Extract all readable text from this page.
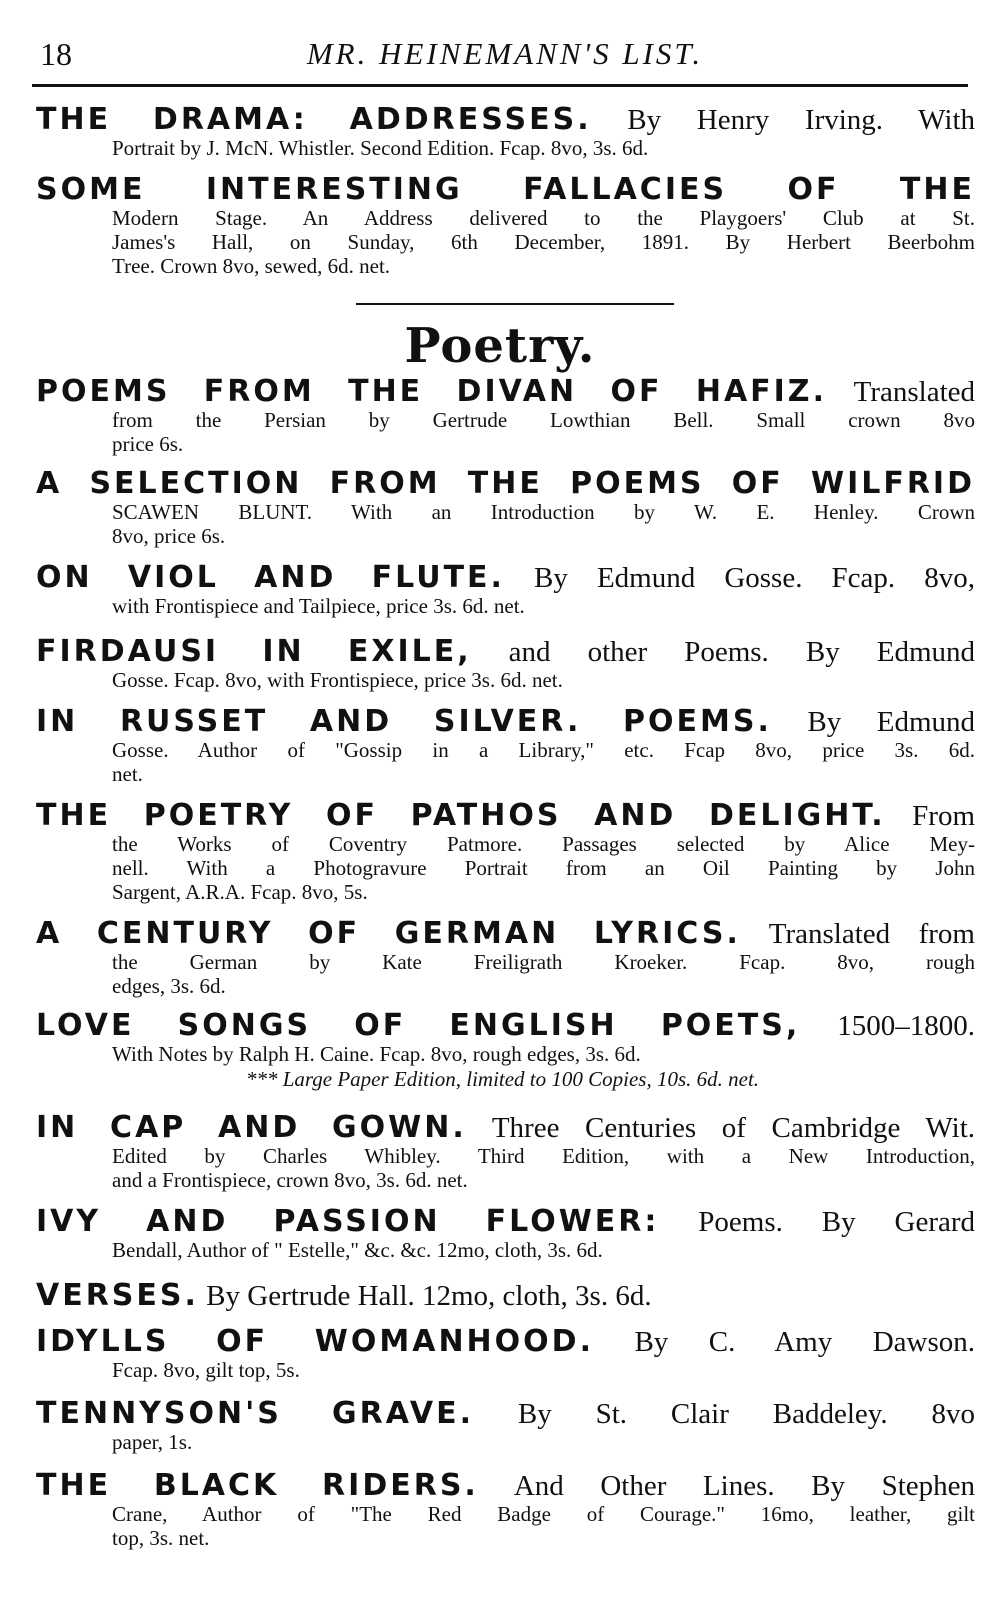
18	MR. HEINEMANN'S LIST.
THE DRAMA: ADDRESSES. By Henry Irving. With
Portrait by J. McN. Whistler. Second Edition. Fcap. 8vo, 3s. 6d.
SOME INTERESTING FALLACIES OF THE
Modern Stage. An Address delivered to the Playgoers' Club at St.
James's Hall, on Sunday, 6th December, 1891. By Herbert Beerbohm
Tree. Crown 8vo, sewed, 6d. net.
Poetry.
POEMS FROM THE DIVAN OF HAFIZ. Translated
from the Persian by Gertrude Lowthian Bell. Small crown 8vo
price 6s.
A SELECTION FROM THE POEMS OF WILFRID
SCAWEN BLUNT. With an Introduction by W. E. Henley. Crown
8vo, price 6s.
ON VIOL AND FLUTE. By Edmund Gosse. Fcap. 8vo,
with Frontispiece and Tailpiece, price 3s. 6d. net.
FIRDAUSI IN EXILE, and other Poems. By Edmund
Gosse. Fcap. 8vo, with Frontispiece, price 3s. 6d. net.
IN RUSSET AND SILVER. POEMS. By Edmund
Gosse. Author of "Gossip in a Library," etc. Fcap 8vo, price 3s. 6d.
net.
THE POETRY OF PATHOS AND DELIGHT. From
the Works of Coventry Patmore. Passages selected by Alice Mey-
nell. With a Photogravure Portrait from an Oil Painting by John
Sargent, A.R.A. Fcap. 8vo, 5s.
A CENTURY OF GERMAN LYRICS. Translated from
the German by Kate Freiligrath Kroeker. Fcap. 8vo, rough
edges, 3s. 6d.
LOVE SONGS OF ENGLISH POETS, 1500–1800.
With Notes by Ralph H. Caine. Fcap. 8vo, rough edges, 3s. 6d.
*** Large Paper Edition, limited to 100 Copies, 10s. 6d. net.
IN CAP AND GOWN. Three Centuries of Cambridge Wit.
Edited by Charles Whibley. Third Edition, with a New Introduction,
and a Frontispiece, crown 8vo, 3s. 6d. net.
IVY AND PASSION FLOWER: Poems. By Gerard
Bendall, Author of " Estelle," &c. &c. 12mo, cloth, 3s. 6d.
VERSES. By Gertrude Hall. 12mo, cloth, 3s. 6d.
IDYLLS OF WOMANHOOD. By C. Amy Dawson.
Fcap. 8vo, gilt top, 5s.
TENNYSON'S GRAVE. By St. Clair Baddeley. 8vo
paper, 1s.
THE BLACK RIDERS. And Other Lines. By Stephen
Crane, Author of "The Red Badge of Courage." 16mo, leather, gilt
top, 3s. net.
